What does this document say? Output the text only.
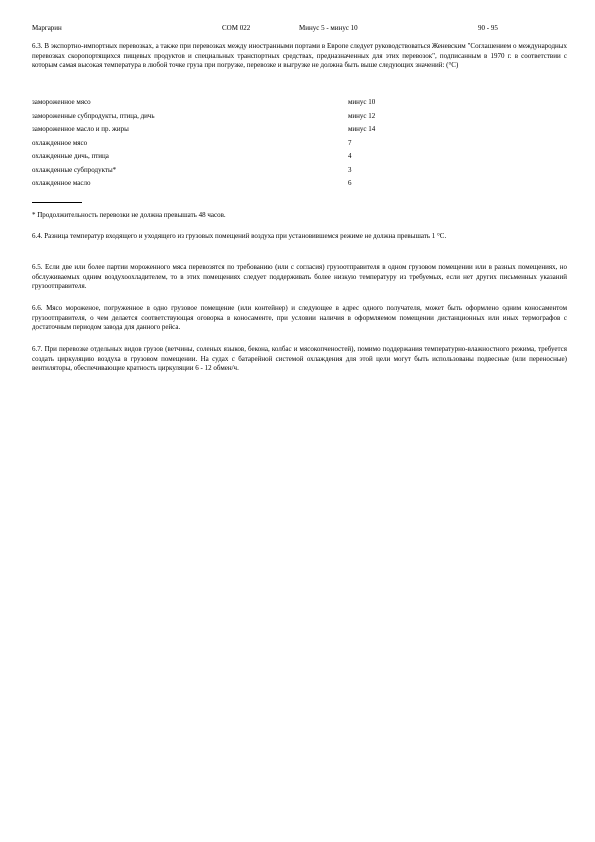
Маргарин	СОМ 022	Минус 5 - минус 10	90 - 95

6.3. В экспортно-импортных перевозках, а также при перевозках между иностранными портами в Европе следует руководствоваться Женевским "Соглашением о международных перевозках скоропортящихся пищевых продуктов и специальных транспортных средствах, предназначенных для этих перевозок", подписанным в 1970 г. в соответствии с которым самая высокая температура в любой точке груза при погрузке, перевозке и выгрузке не должна быть выше следующих значений: (°С)

замороженное мясо	минус 10
замороженные субпродукты, птица, дичь	минус 12
замороженное масло и пр. жиры	минус 14
охлажденное мясо	7
охлажденные дичь, птица	4
охлажденные субпродукты*	3
охлажденное масло	6

* Продолжительность перевозки не должна превышать 48 часов.

6.4. Разница температур входящего и уходящего из грузовых помещений воздуха при установившемся режиме не должна превышать 1 °С.

6.5. Если две или более партии мороженного мяса перевозятся по требованию (или с согласия) грузоотправителя в одном грузовом помещении или в разных помещениях, но обслуживаемых одним воздухоохладителем, то в этих помещениях следует поддерживать более низкую температуру из требуемых, если нет других письменных указаний грузоотправителя.

6.6. Мясо мороженое, погруженное в одно грузовое помещение (или контейнер) и следующее в адрес одного получателя, может быть оформлено одним коносаментом грузоотправителя, о чем делается соответствующая оговорка в коносаменте, при условии наличия в оформляемом помещении дистанционных или иных термографов с достаточным периодом завода для данного рейса.

6.7. При перевозке отдельных видов грузов (ветчины, соленых языков, бекона, колбас и мясокопченостей), помимо поддержания температурно-влажностного режима, требуется создать циркуляцию воздуха в грузовом помещении. На судах с батарейной системой охлаждения для этой цели могут быть использованы подвесные (или переносные) вентиляторы, обеспечивающие кратность циркуляции 6 - 12 обмен/ч.
